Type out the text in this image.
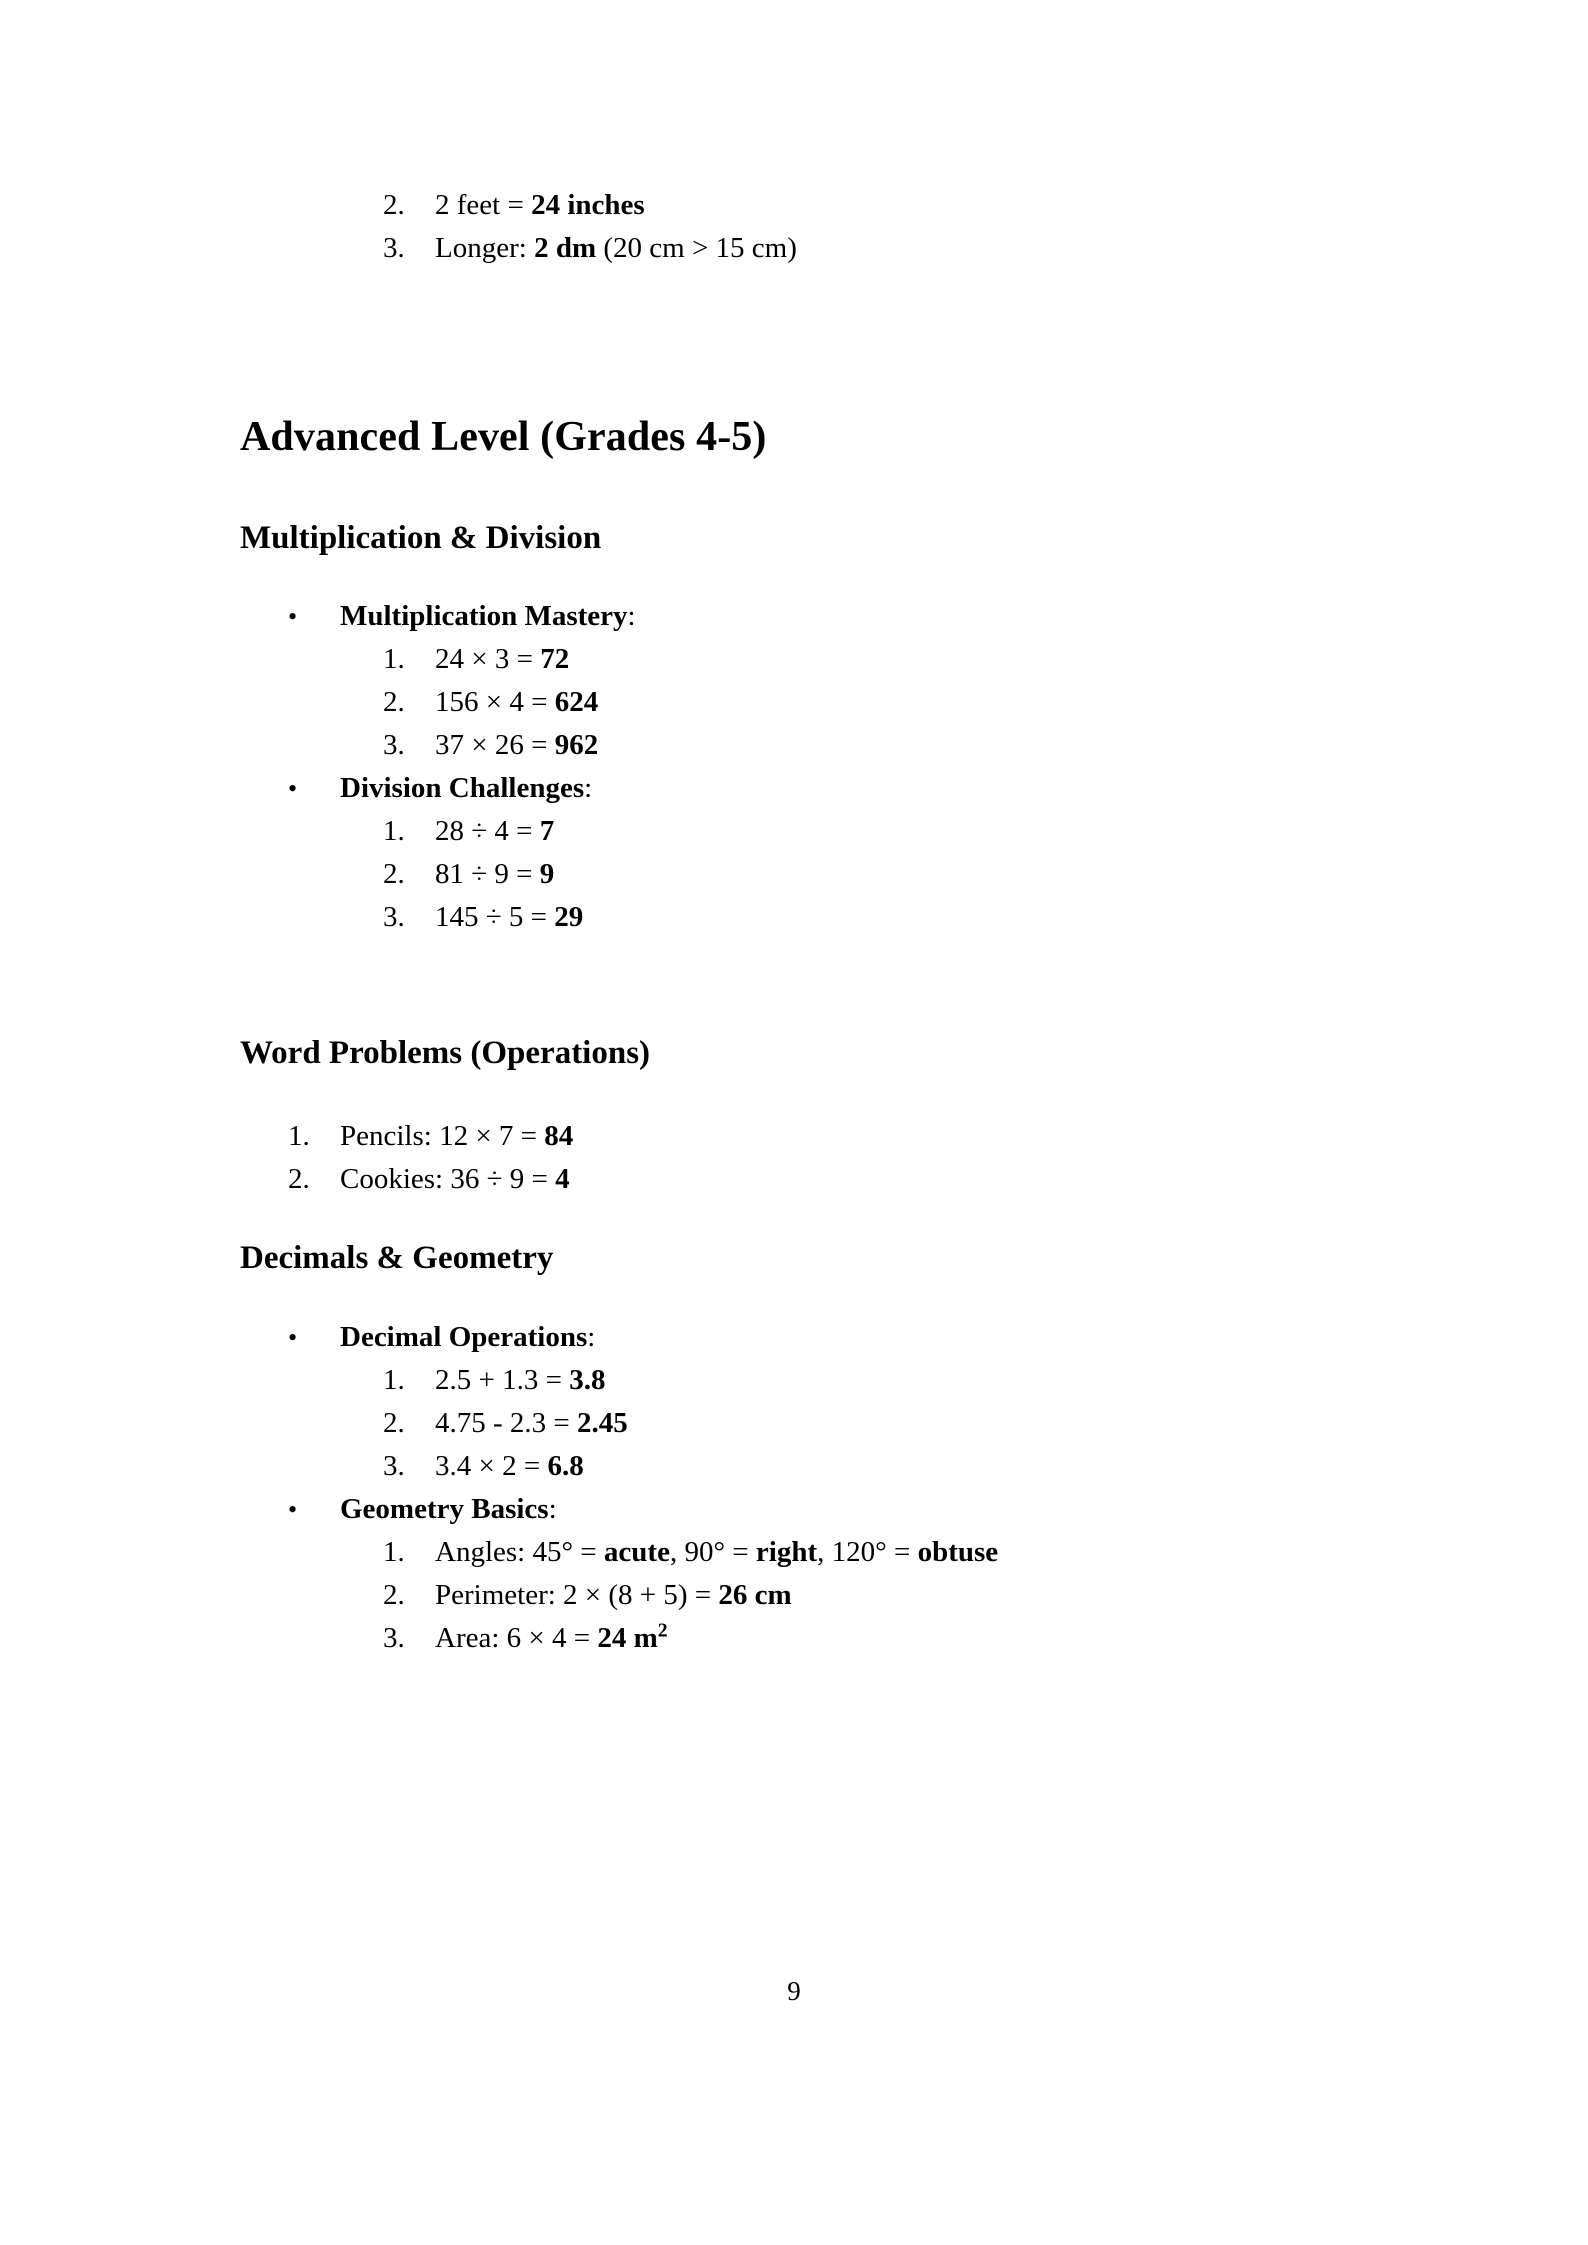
2.	2 feet = 24 inches
3.	Longer: 2 dm (20 cm > 15 cm)
Advanced Level (Grades 4-5)
Multiplication & Division
•	Multiplication Mastery:
1.	24 × 3 = 72
2.	156 × 4 = 624
3.	37 × 26 = 962
•	Division Challenges:
1.	28 ÷ 4 = 7
2.	81 ÷ 9 = 9
3.	145 ÷ 5 = 29
Word Problems (Operations)
1.	Pencils: 12 × 7 = 84
2.	Cookies: 36 ÷ 9 = 4
Decimals & Geometry
•	Decimal Operations:
1.	2.5 + 1.3 = 3.8
2.	4.75 - 2.3 = 2.45
3.	3.4 × 2 = 6.8
•	Geometry Basics:
1.	Angles: 45° = acute, 90° = right, 120° = obtuse
2.	Perimeter: 2 × (8 + 5) = 26 cm
3.	Area: 6 × 4 = 24 $m^2$
9
